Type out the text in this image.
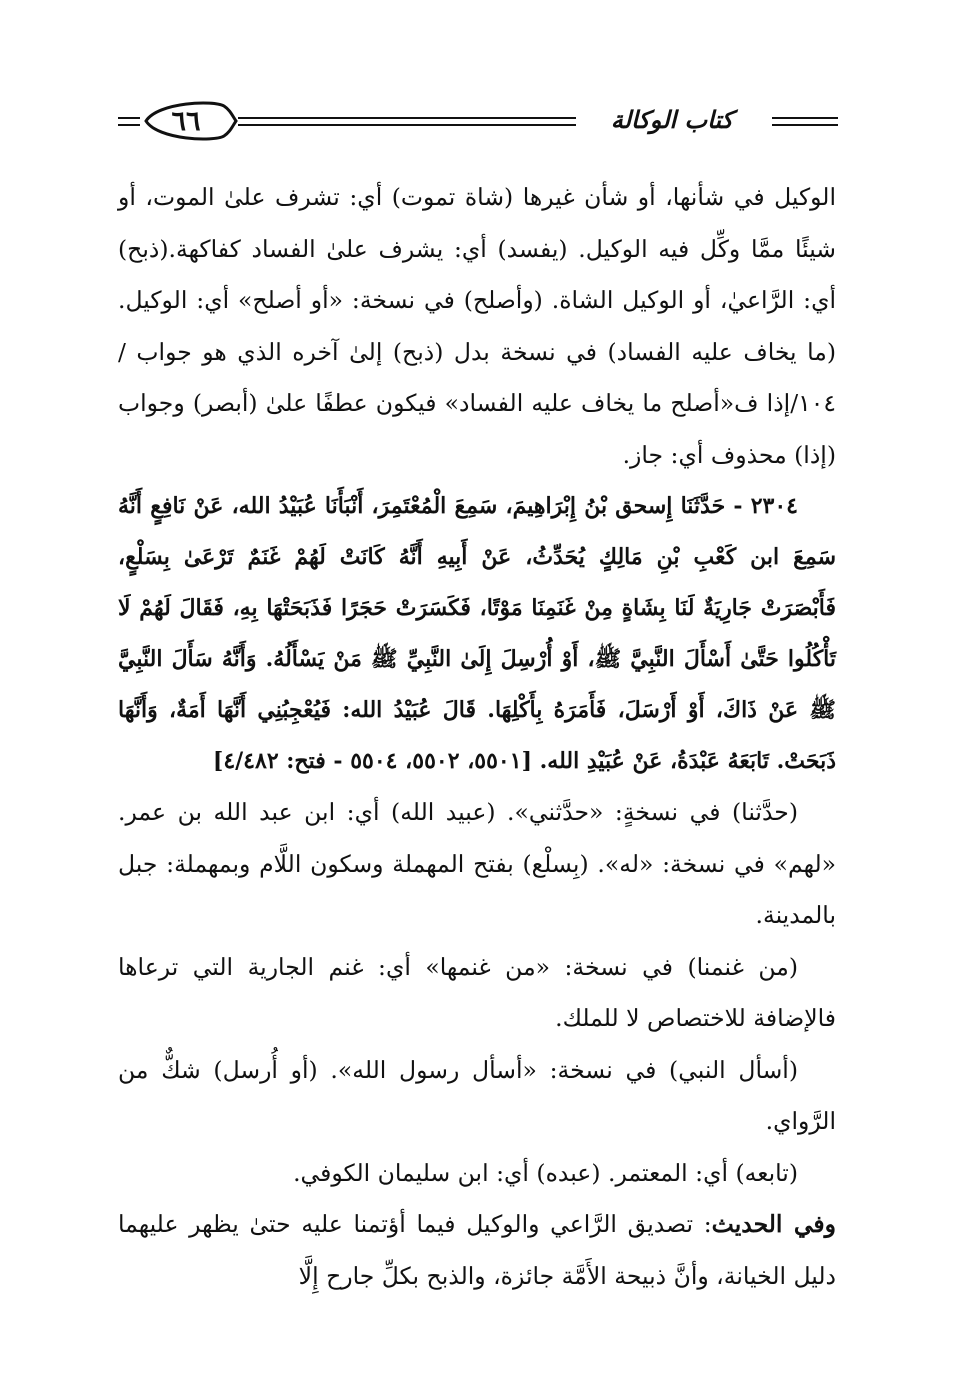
٦٦	كتاب الوكالة

الوكيل في شأنها، أو شأن غيرها (شاة تموت) أي: تشرف علىٰ الموت، أو شيئًا ممَّا وكِّل فيه الوكيل. (يفسد) أي: يشرف علىٰ الفساد كفاكهة.(ذبح) أي: الرَّاعيٰ، أو الوكيل الشاة. (وأصلح) في نسخة: «أو أصلح» أي: الوكيل. (ما يخاف عليه الفساد) في نسخة بدل (ذبح) إلىٰ آخره الذي هو جواب / ١٠٤/إذا ف«أصلح ما يخاف عليه الفساد» فيكون عطفًا علىٰ (أبصر) وجواب (إذا) محذوف أي: جاز.

٢٣٠٤ - حَدَّثَنَا إِسحق بْنُ إِبْرَاهِيمَ، سَمِعَ الْمُعْتَمِرَ، أَنْبَأَنَا عُبَيْدُ الله، عَنْ نَافِعٍ أَنَّهُ سَمِعَ ابن كَعْبِ بْنِ مَالِكٍ يُحَدِّثُ، عَنْ أَبِيهِ أَنَّهُ كَانَتْ لَهُمْ غَنَمٌ تَرْعَىٰ بِسَلْعٍ، فَأَبْصَرَتْ جَارِيَةٌ لَنَا بِشَاةٍ مِنْ غَنَمِنَا مَوْتًا، فَكَسَرَتْ حَجَرًا فَذَبَحَتْهَا بِهِ، فَقَالَ لَهُمْ لَا تَأْكُلُوا حَتَّىٰ أَسْأَلَ النَّبِيَّ ﷺ، أَوْ أُرْسِلَ إِلَىٰ النَّبِيِّ ﷺ مَنْ يَسْأَلُهُ. وَأَنَّهُ سَأَلَ النَّبِيَّ ﷺ عَنْ ذَاكَ، أَوْ أَرْسَلَ، فَأَمَرَهُ بِأَكْلِهَا. قَالَ عُبَيْدُ الله: فَيُعْجِبُنِي أَنَّهَا أَمَةٌ، وَأَنَّهَا ذَبَحَتْ. تَابَعَهُ عَبْدَةُ، عَنْ عُبَيْدِ الله. [٥٥٠١، ٥٥٠٢، ٥٥٠٤ - فتح: ٤/٤٨٢]

(حدَّثنا) في نسخةٍ: «حدَّثني». (عبيد الله) أي: ابن عبد الله بن عمر. «لهم» في نسخة: «له». (بِسلْع) بفتح المهملة وسكون اللَّام وبمهملة: جبل بالمدينة.

(من غنمنا) في نسخة: «من غنمها» أي: غنم الجارية التي ترعاها فالإضافة للاختصاص لا للملك.

(أسأل النبي) في نسخة: «أسأل رسول الله». (أو أُرسل) شكٌّ من الرَّواي.

(تابعه) أي: المعتمر. (عبده) أي: ابن سليمان الكوفي.

وفي الحديث: تصديق الرَّاعي والوكيل فيما أؤتمنا عليه حتىٰ يظهر عليهما دليل الخيانة، وأنَّ ذبيحة الأَمَّة جائزة، والذبح بكلِّ جارح إِلَّا
